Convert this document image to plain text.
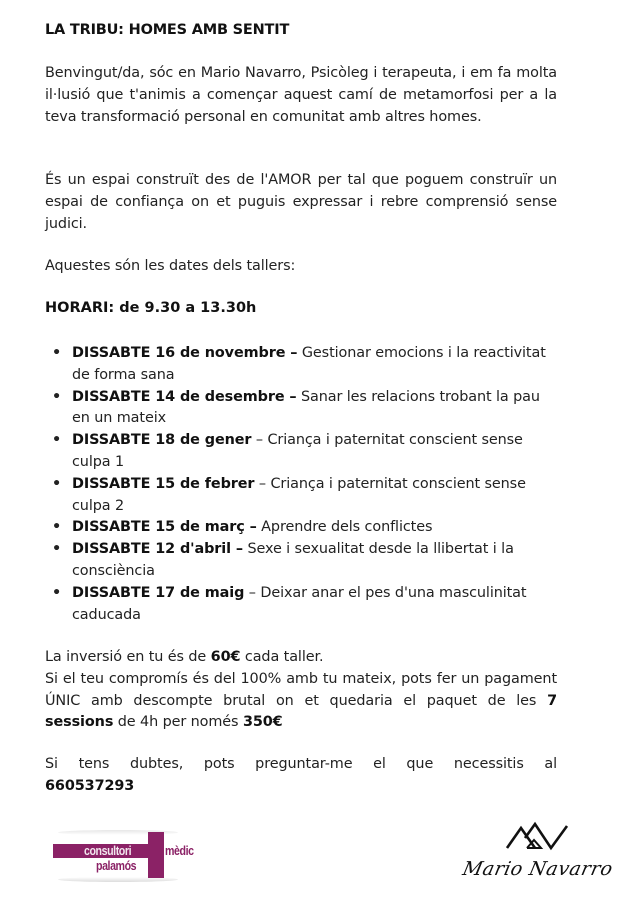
LA TRIBU: HOMES AMB SENTIT
Benvingut/da, sóc en Mario Navarro, Psicòleg i terapeuta, i em fa molta il·lusió que t'animis a començar aquest camí de metamorfosi per a la teva transformació personal en comunitat amb altres homes.
És un espai construït des de l'AMOR per tal que poguem construïr un espai de confiança on et puguis expressar i rebre comprensió sense judici.
Aquestes són les dates dels tallers:
HORARI: de 9.30 a 13.30h
• DISSABTE 16 de novembre – Gestionar emocions i la reactivitat de forma sana
• DISSABTE 14 de desembre – Sanar les relacions trobant la pau en un mateix
• DISSABTE 18 de gener – Criança i paternitat conscient sense culpa 1
• DISSABTE 15 de febrer – Criança i paternitat conscient sense culpa 2
• DISSABTE 15 de març – Aprendre dels conflictes
• DISSABTE 12 d'abril – Sexe i sexualitat desde la llibertat i la consciència
• DISSABTE 17 de maig – Deixar anar el pes d'una masculinitat caducada
La inversió en tu és de 60€ cada taller.
Si el teu compromís és del 100% amb tu mateix, pots fer un pagament ÚNIC amb descompte brutal on et quedaria el paquet de les 7 sessions de 4h per només 350€
Si tens dubtes, pots preguntar-me el que necessitis al
660537293
consultori	mèdic
palamós	Mario Navarro
